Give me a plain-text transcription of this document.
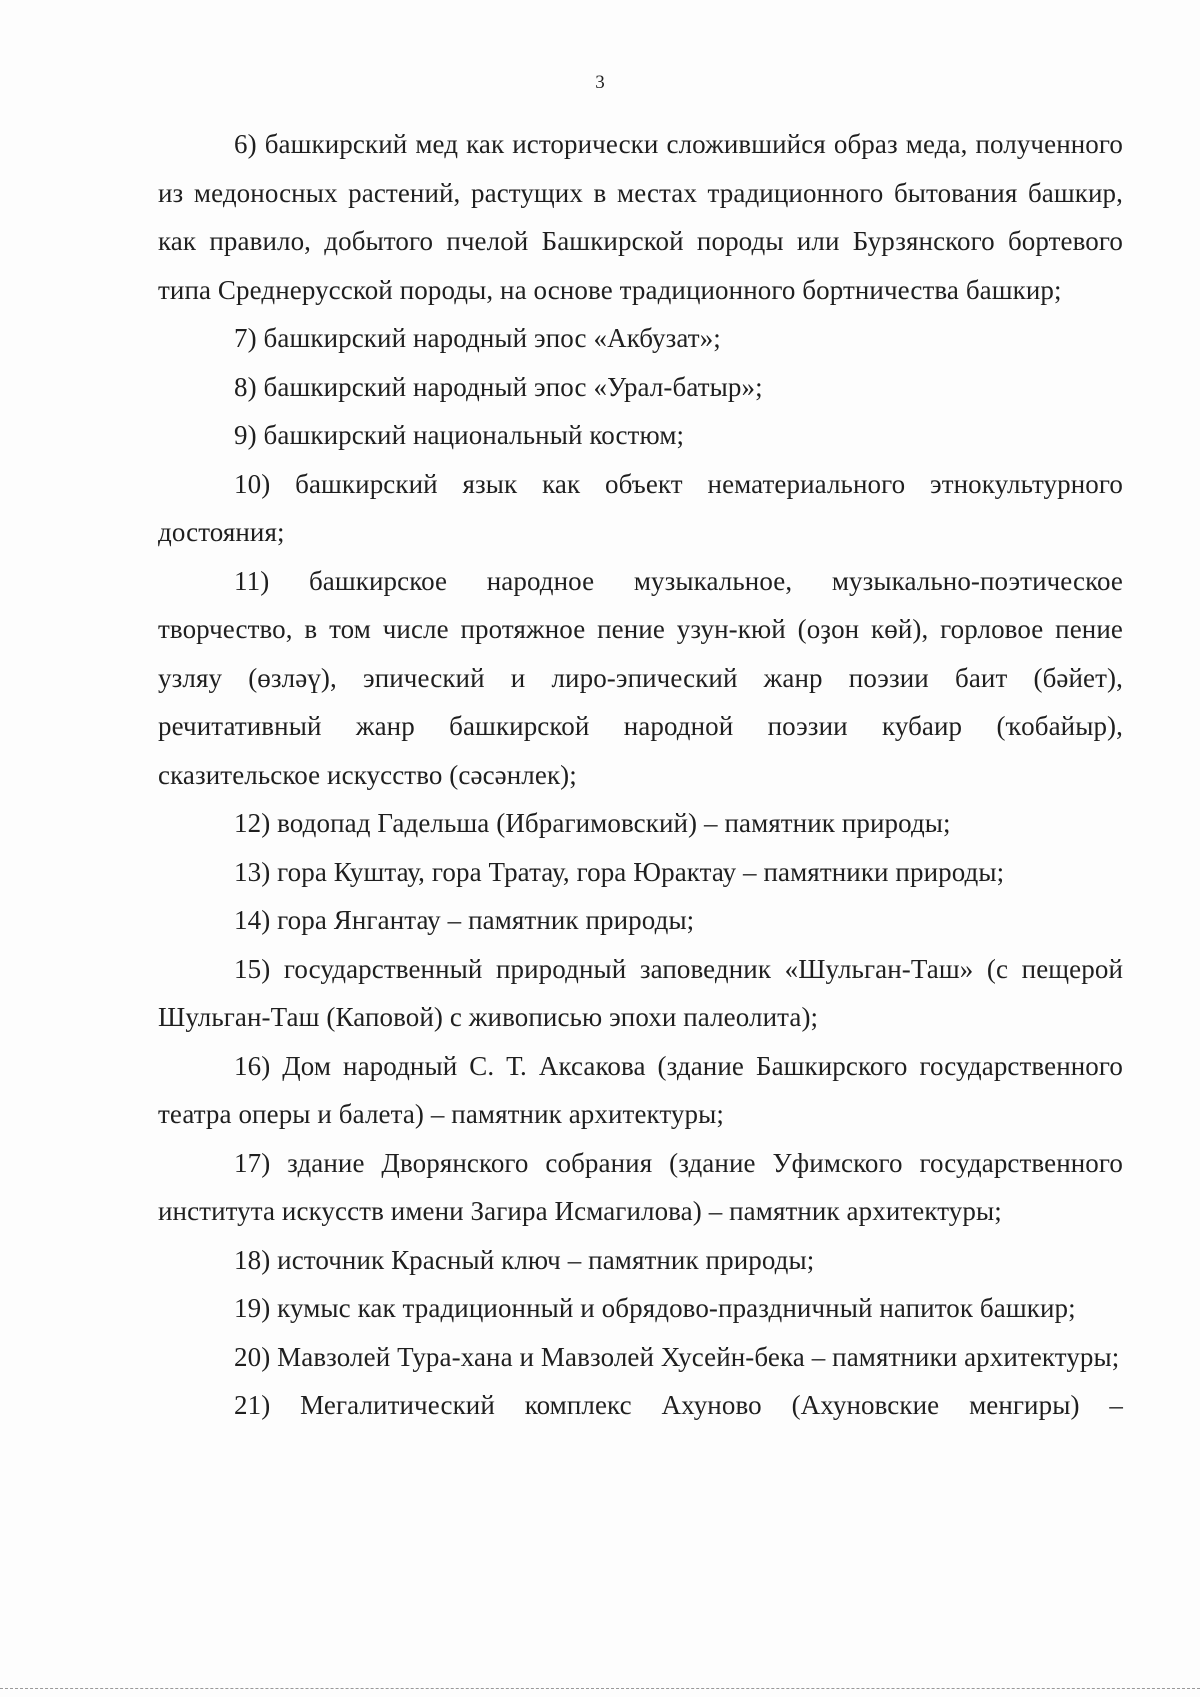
3

6) башкирский мед как исторически сложившийся образ меда, полученного из медоносных растений, растущих в местах традиционного бытования башкир, как правило, добытого пчелой Башкирской породы или Бурзянского бортевого типа Среднерусской породы, на основе традиционного бортничества башкир;

7) башкирский народный эпос «Акбузат»;

8) башкирский народный эпос «Урал-батыр»;

9) башкирский национальный костюм;

10) башкирский язык как объект нематериального этнокультурного достояния;

11) башкирское народное музыкальное, музыкально-поэтическое творчество, в том числе протяжное пение узун-кюй (оҙон көй), горловое пение узляу (өзләү), эпический и лиро-эпический жанр поэзии баит (бәйет), речитативный жанр башкирской народной поэзии кубаир (ҡобайыр), сказительское искусство (сәсәнлек);

12) водопад Гадельша (Ибрагимовский) – памятник природы;

13) гора Куштау, гора Тратау, гора Юрактау – памятники природы;

14) гора Янгантау – памятник природы;

15) государственный природный заповедник «Шульган-Таш» (с пещерой Шульган-Таш (Каповой) с живописью эпохи палеолита);

16) Дом народный С. Т. Аксакова (здание Башкирского государственного театра оперы и балета) – памятник архитектуры;

17) здание Дворянского собрания (здание Уфимского государственного института искусств имени Загира Исмагилова) – памятник архитектуры;

18) источник Красный ключ – памятник природы;

19) кумыс как традиционный и обрядово-праздничный напиток башкир;

20) Мавзолей Тура-хана и Мавзолей Хусейн-бека – памятники архитектуры;

21) Мегалитический комплекс Ахуново (Ахуновские менгиры) –
